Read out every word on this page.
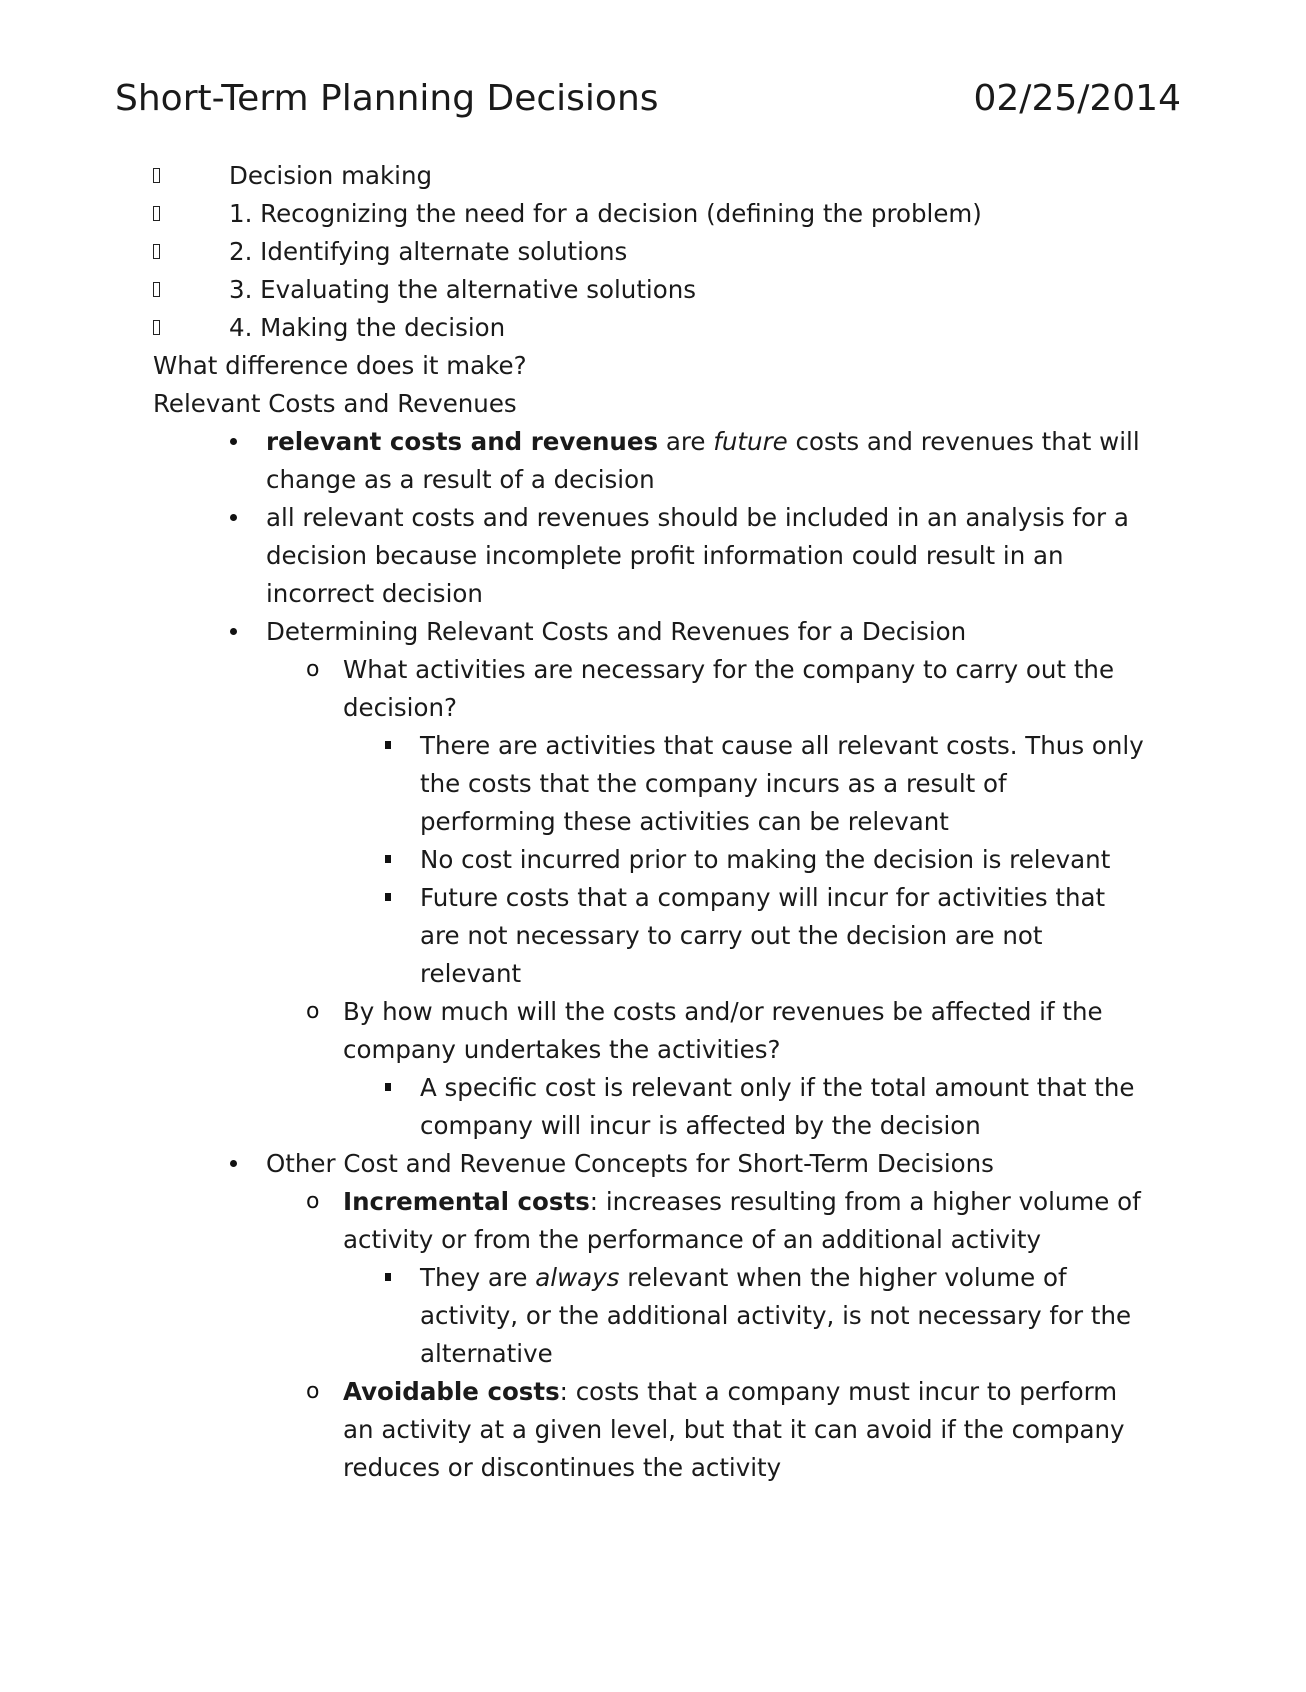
Short-Term Planning Decisions	02/25/2014
Decision making
1. Recognizing the need for a decision (defining the problem)
2. Identifying alternate solutions
3. Evaluating the alternative solutions
4. Making the decision
What difference does it make?
Relevant Costs and Revenues
relevant costs and revenues are future costs and revenues that will change as a result of a decision
all relevant costs and revenues should be included in an analysis for a decision because incomplete profit information could result in an incorrect decision
Determining Relevant Costs and Revenues for a Decision
o What activities are necessary for the company to carry out the decision?
There are activities that cause all relevant costs. Thus only the costs that the company incurs as a result of performing these activities can be relevant
No cost incurred prior to making the decision is relevant
Future costs that a company will incur for activities that are not necessary to carry out the decision are not relevant
o By how much will the costs and/or revenues be affected if the company undertakes the activities?
A specific cost is relevant only if the total amount that the company will incur is affected by the decision
Other Cost and Revenue Concepts for Short-Term Decisions
o Incremental costs: increases resulting from a higher volume of activity or from the performance of an additional activity
They are always relevant when the higher volume of activity, or the additional activity, is not necessary for the alternative
o Avoidable costs: costs that a company must incur to perform an activity at a given level, but that it can avoid if the company reduces or discontinues the activity
